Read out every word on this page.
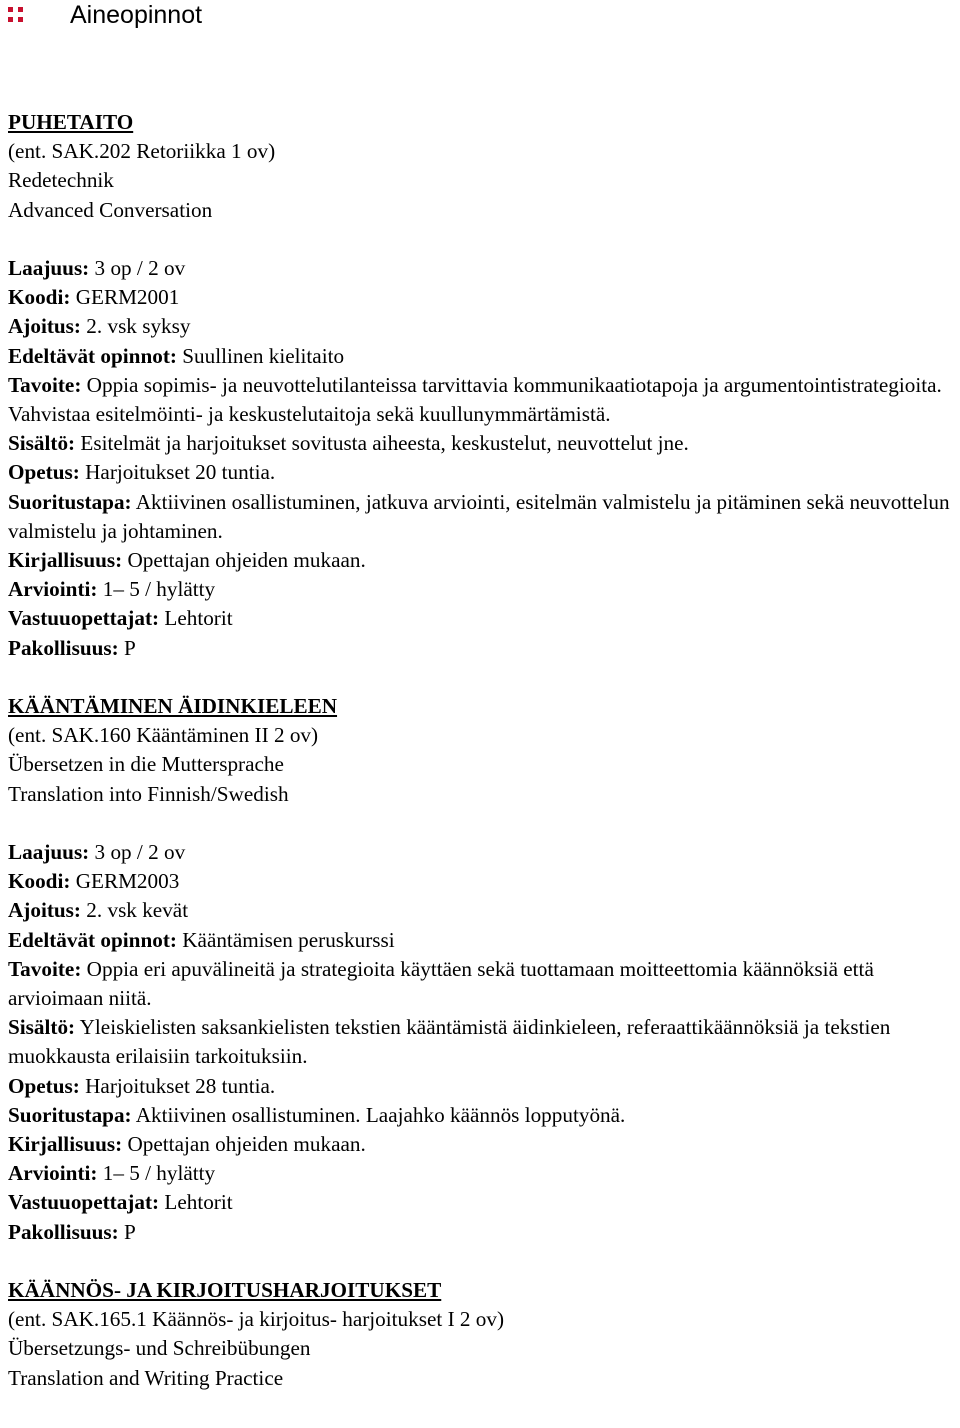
Aineopinnot
PUHETAITO
(ent. SAK.202 Retoriikka 1 ov)
Redetechnik
Advanced Conversation
Laajuus: 3 op / 2 ov
Koodi: GERM2001
Ajoitus: 2. vsk syksy
Edeltävät opinnot: Suullinen kielitaito
Tavoite: Oppia sopimis- ja neuvottelutilanteissa tarvittavia kommunikaatiotapoja ja argumentointistrategioita. Vahvistaa esitelmöinti- ja keskustelutaitoja sekä kuullunymmärtämistä.
Sisältö: Esitelmät ja harjoitukset sovitusta aiheesta, keskustelut, neuvottelut jne.
Opetus: Harjoitukset 20 tuntia.
Suoritustapa: Aktiivinen osallistuminen, jatkuva arviointi, esitelmän valmistelu ja pitäminen sekä neuvottelun valmistelu ja johtaminen.
Kirjallisuus: Opettajan ohjeiden mukaan.
Arviointi: 1– 5 / hylätty
Vastuuopettajat: Lehtorit
Pakollisuus: P
KÄÄNTÄMINEN ÄIDINKIELEEN
(ent. SAK.160 Kääntäminen II 2 ov)
Übersetzen in die Muttersprache
Translation into Finnish/Swedish
Laajuus: 3 op / 2 ov
Koodi: GERM2003
Ajoitus: 2. vsk kevät
Edeltävät opinnot: Kääntämisen peruskurssi
Tavoite: Oppia eri apuvälineitä ja strategioita käyttäen sekä tuottamaan moitteettomia käännöksiä että arvioimaan niitä.
Sisältö: Yleiskielisten saksankielisten tekstien kääntämistä äidinkieleen, referaattikäännöksiä ja tekstien muokkausta erilaisiin tarkoituksiin.
Opetus: Harjoitukset 28 tuntia.
Suoritustapa: Aktiivinen osallistuminen. Laajahko käännös lopputyönä.
Kirjallisuus: Opettajan ohjeiden mukaan.
Arviointi: 1– 5 / hylätty
Vastuuopettajat: Lehtorit
Pakollisuus: P
KÄÄNNÖS- JA KIRJOITUSHARJOITUKSET
(ent. SAK.165.1 Käännös- ja kirjoitus- harjoitukset I 2 ov)
Übersetzungs- und Schreibübungen
Translation and Writing Practice
